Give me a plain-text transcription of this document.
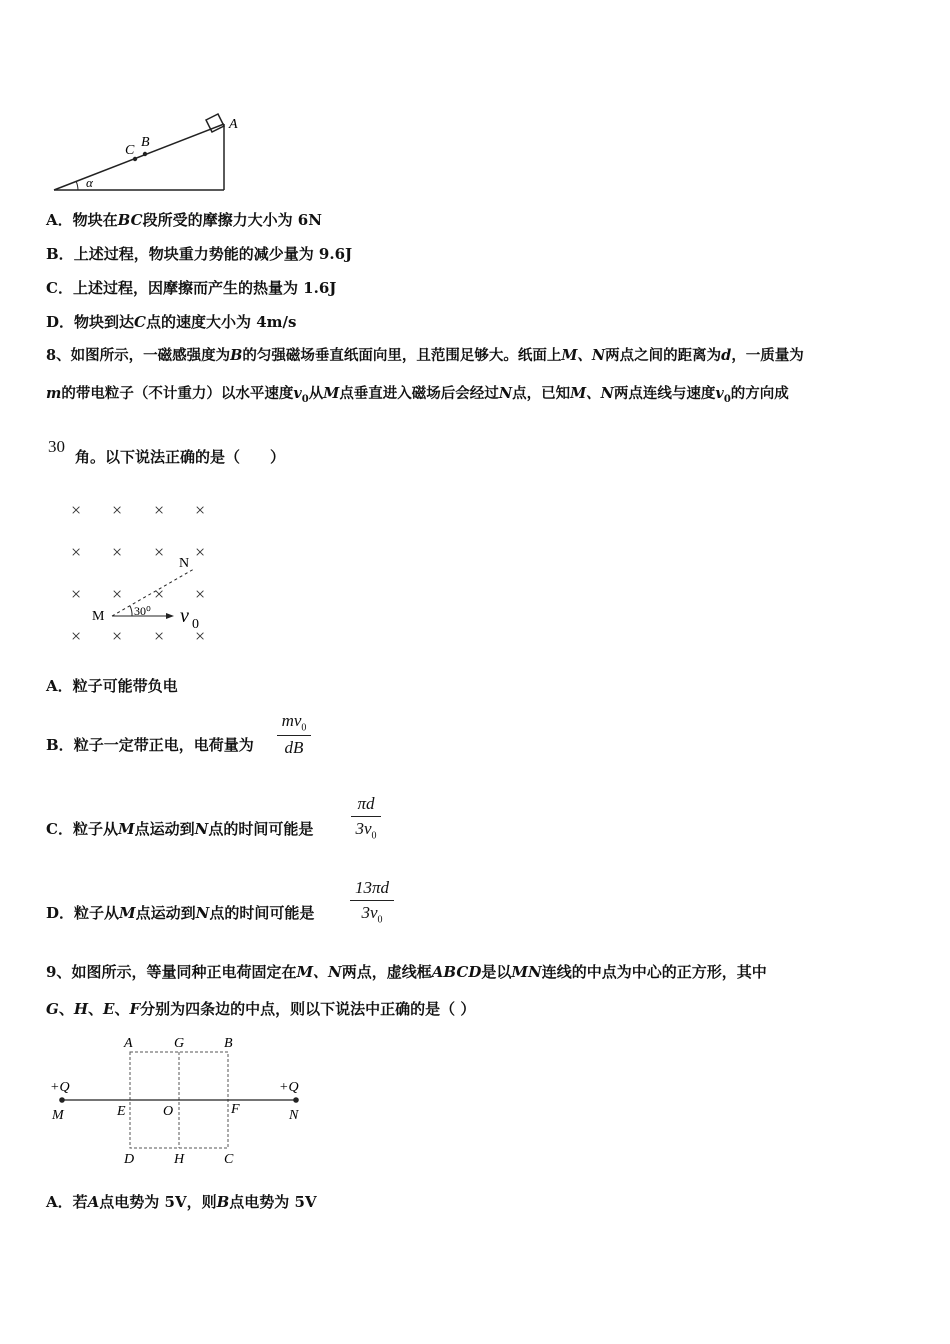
A
B
C
α
A．物块在BC段所受的摩擦力大小为 6N
B．上述过程，物块重力势能的减少量为 9.6J
C．上述过程，因摩擦而产生的热量为 1.6J
D．物块到达C点的速度大小为 4m/s
8、如图所示，一磁感强度为B的匀强磁场垂直纸面向里，且范围足够大。纸面上M、N两点之间的距离为d，一质量为
m的带电粒子（不计重力）以水平速度$v_0$从M点垂直进入磁场后会经过N点，已知M、N两点连线与速度$v_0$的方向成
30
角。以下说法正确的是（　　）
×
×
×
×
×
×
×
×
×
×
×
×
×
×
×
×
N
M 30⁰ v 0
A．粒子可能带负电
B．粒子一定带正电，电荷量为 $\frac{mv_0}{dB}$
C．粒子从M点运动到N点的时间可能是 $\frac{\pi d}{3v_0}$
D．粒子从M点运动到N点的时间可能是 $\frac{13\pi d}{3v_0}$
9、如图所示，等量同种正电荷固定在M、N两点，虚线框ABCD是以MN连线的中点为中心的正方形，其中
G、H、E、F分别为四条边的中点，则以下说法中正确的是（ ）
A	G	B
+Q	+Q
M	E	O	F	N
D	H	C
A．若A点电势为 5V，则B点电势为 5V
